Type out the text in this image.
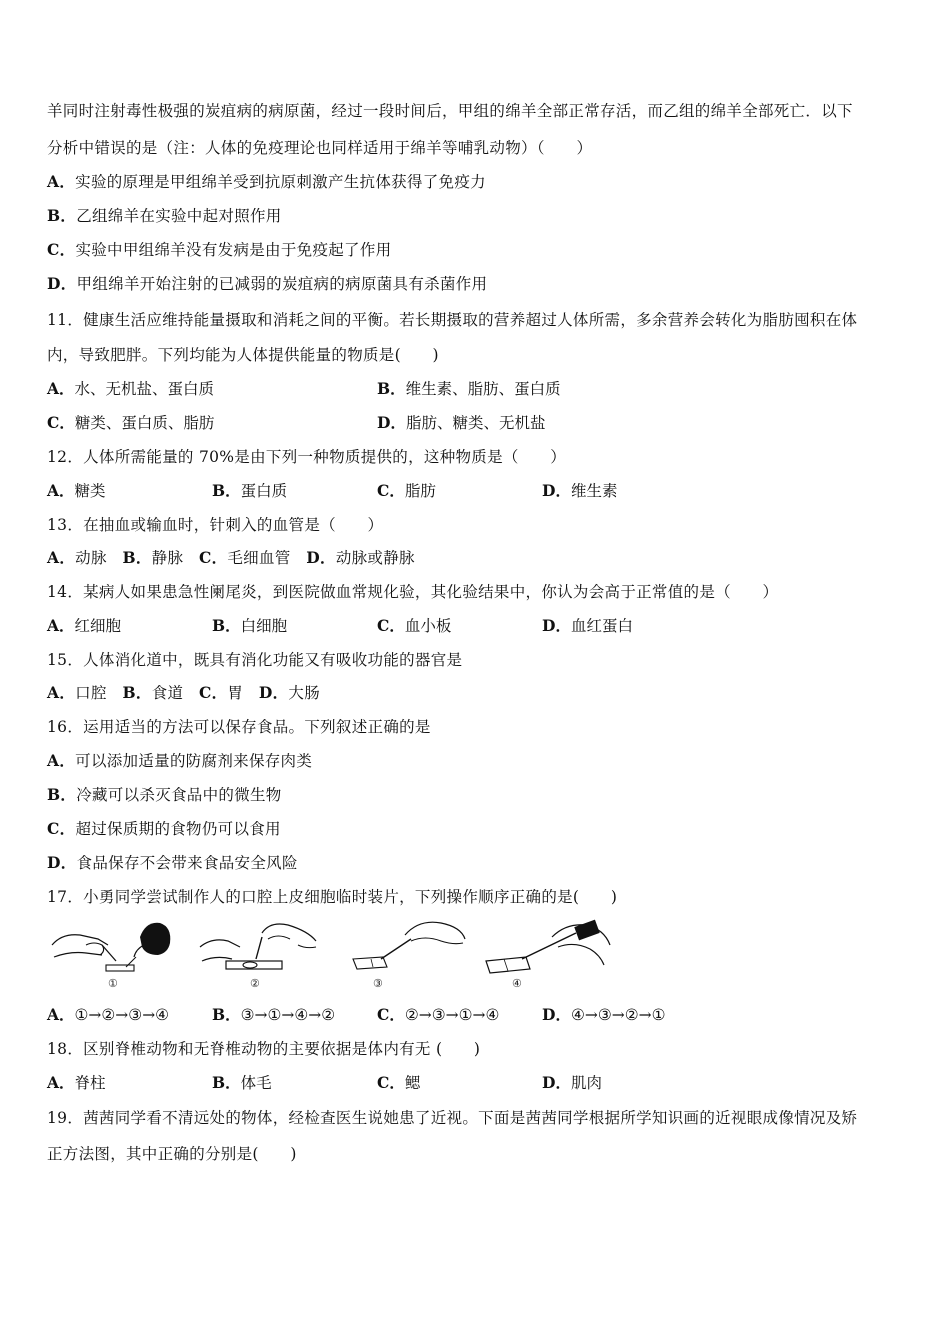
羊同时注射毒性极强的炭疽病的病原菌，经过一段时间后，甲组的绵羊全部正常存活，而乙组的绵羊全部死亡．以下
分析中错误的是（注：人体的免疫理论也同样适用于绵羊等哺乳动物）（　　）
A．实验的原理是甲组绵羊受到抗原刺激产生抗体获得了免疫力
B．乙组绵羊在实验中起对照作用
C．实验中甲组绵羊没有发病是由于免疫起了作用
D．甲组绵羊开始注射的已减弱的炭疽病的病原菌具有杀菌作用
11．健康生活应维持能量摄取和消耗之间的平衡。若长期摄取的营养超过人体所需，多余营养会转化为脂肪囤积在体
内，导致肥胖。下列均能为人体提供能量的物质是(　　)
A．水、无机盐、蛋白质	B．维生素、脂肪、蛋白质
C．糖类、蛋白质、脂肪	D．脂肪、糖类、无机盐
12．人体所需能量的 70%是由下列一种物质提供的，这种物质是（　　）
A．糖类	B．蛋白质	C．脂肪	D．维生素
13．在抽血或输血时，针刺入的血管是（　　）
A．动脉 B．静脉 C．毛细血管 D．动脉或静脉
14．某病人如果患急性阑尾炎，到医院做血常规化验，其化验结果中，你认为会高于正常值的是（　　）
A．红细胞	B．白细胞	C．血小板	D．血红蛋白
15．人体消化道中，既具有消化功能又有吸收功能的器官是
A．口腔 B．食道 C．胃 D．大肠
16．运用适当的方法可以保存食品。下列叙述正确的是
A．可以添加适量的防腐剂来保存肉类
B．冷藏可以杀灭食品中的微生物
C．超过保质期的食物仍可以食用
D．食品保存不会带来食品安全风险
17．小勇同学尝试制作人的口腔上皮细胞临时装片，下列操作顺序正确的是(　　)
①	②	③	④
A．①→②→③→④	B．③→①→④→②	C．②→③→①→④	D．④→③→②→①
18．区别脊椎动物和无脊椎动物的主要依据是体内有无 (　　)
A．脊柱	B．体毛	C．鳃	D．肌肉
19．茜茜同学看不清远处的物体，经检查医生说她患了近视。下面是茜茜同学根据所学知识画的近视眼成像情况及矫
正方法图，其中正确的分别是(　　)
